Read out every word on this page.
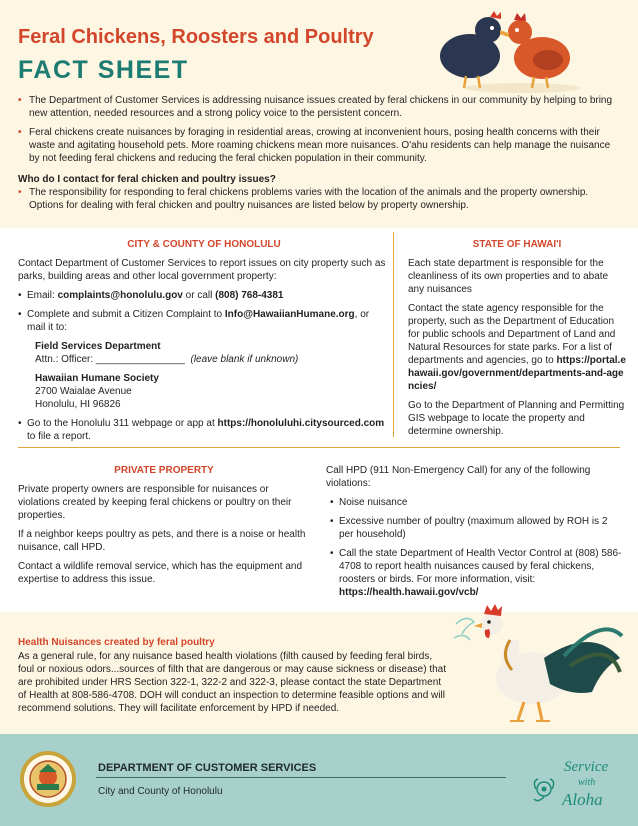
Feral Chickens, Roosters and Poultry
FACT SHEET
• The Department of Customer Services is addressing nuisance issues created by feral chickens in our community by helping to bring new attention, needed resources and a strong policy voice to the persistent concern.
• Feral chickens create nuisances by foraging in residential areas, crowing at inconvenient hours, posing health concerns with their waste and agitating household pets. More roaming chickens mean more nuisances. O'ahu residents can help manage the nuisance by not feeding feral chickens and reducing the feral chicken population in their community.
Who do I contact for feral chicken and poultry issues?
• The responsibility for responding to feral chickens problems varies with the location of the animals and the property ownership. Options for dealing with feral chicken and poultry nuisances are listed below by property ownership.
CITY & COUNTY OF HONOLULU

Contact Department of Customer Services to report issues on city property such as parks, building areas and other local government property:

• Email: complaints@honolulu.gov or call (808) 768-4381
• Complete and submit a Citizen Complaint to Info@HawaiianHumane.org, or mail it to:
Field Services Department
Attn.: Officer: ________________ (leave blank if unknown)
Hawaiian Humane Society
2700 Waialae Avenue
Honolulu, HI 96826
• Go to the Honolulu 311 webpage or app at https://honoluluhi.citysourced.com to file a report.
STATE OF HAWAI'I

Each state department is responsible for the cleanliness of its own properties and to abate any nuisances

Contact the state agency responsible for the property, such as the Department of Education for public schools and Department of Land and Natural Resources for state parks. For a list of departments and agencies, go to https://portal.ehawaii.gov/government/departments-and-agencies/

Go to the Department of Planning and Permitting GIS webpage to locate the property and determine ownership.

PRIVATE PROPERTY

Private property owners are responsible for nuisances or violations created by keeping feral chickens or poultry on their properties.

If a neighbor keeps poultry as pets, and there is a noise or health nuisance, call HPD.

Contact a wildlife removal service, which has the equipment and expertise to address this issue.

Call HPD (911 Non-Emergency Call) for any of the following violations:

• Noise nuisance
• Excessive number of poultry (maximum allowed by ROH is 2 per household)
• Call the state Department of Health Vector Control at (808) 586-4708 to report health nuisances caused by feral chickens, roosters or birds. For more information, visit: https://health.hawaii.gov/vcb/
Health Nuisances created by feral poultry
As a general rule, for any nuisance based health violations (filth caused by feeding feral birds, foul or noxious odors...sources of filth that are dangerous or may cause sickness or disease) that are prohibited under HRS Section 322-1, 322-2 and 322-3, please contact the state Department of Health at 808-586-4708. DOH will conduct an inspection to determine feasible options and will recommend solutions. They will facilitate enforcement by HPD if needed.
DEPARTMENT OF CUSTOMER SERVICES
City and County of Honolulu
Service
with
Aloha
